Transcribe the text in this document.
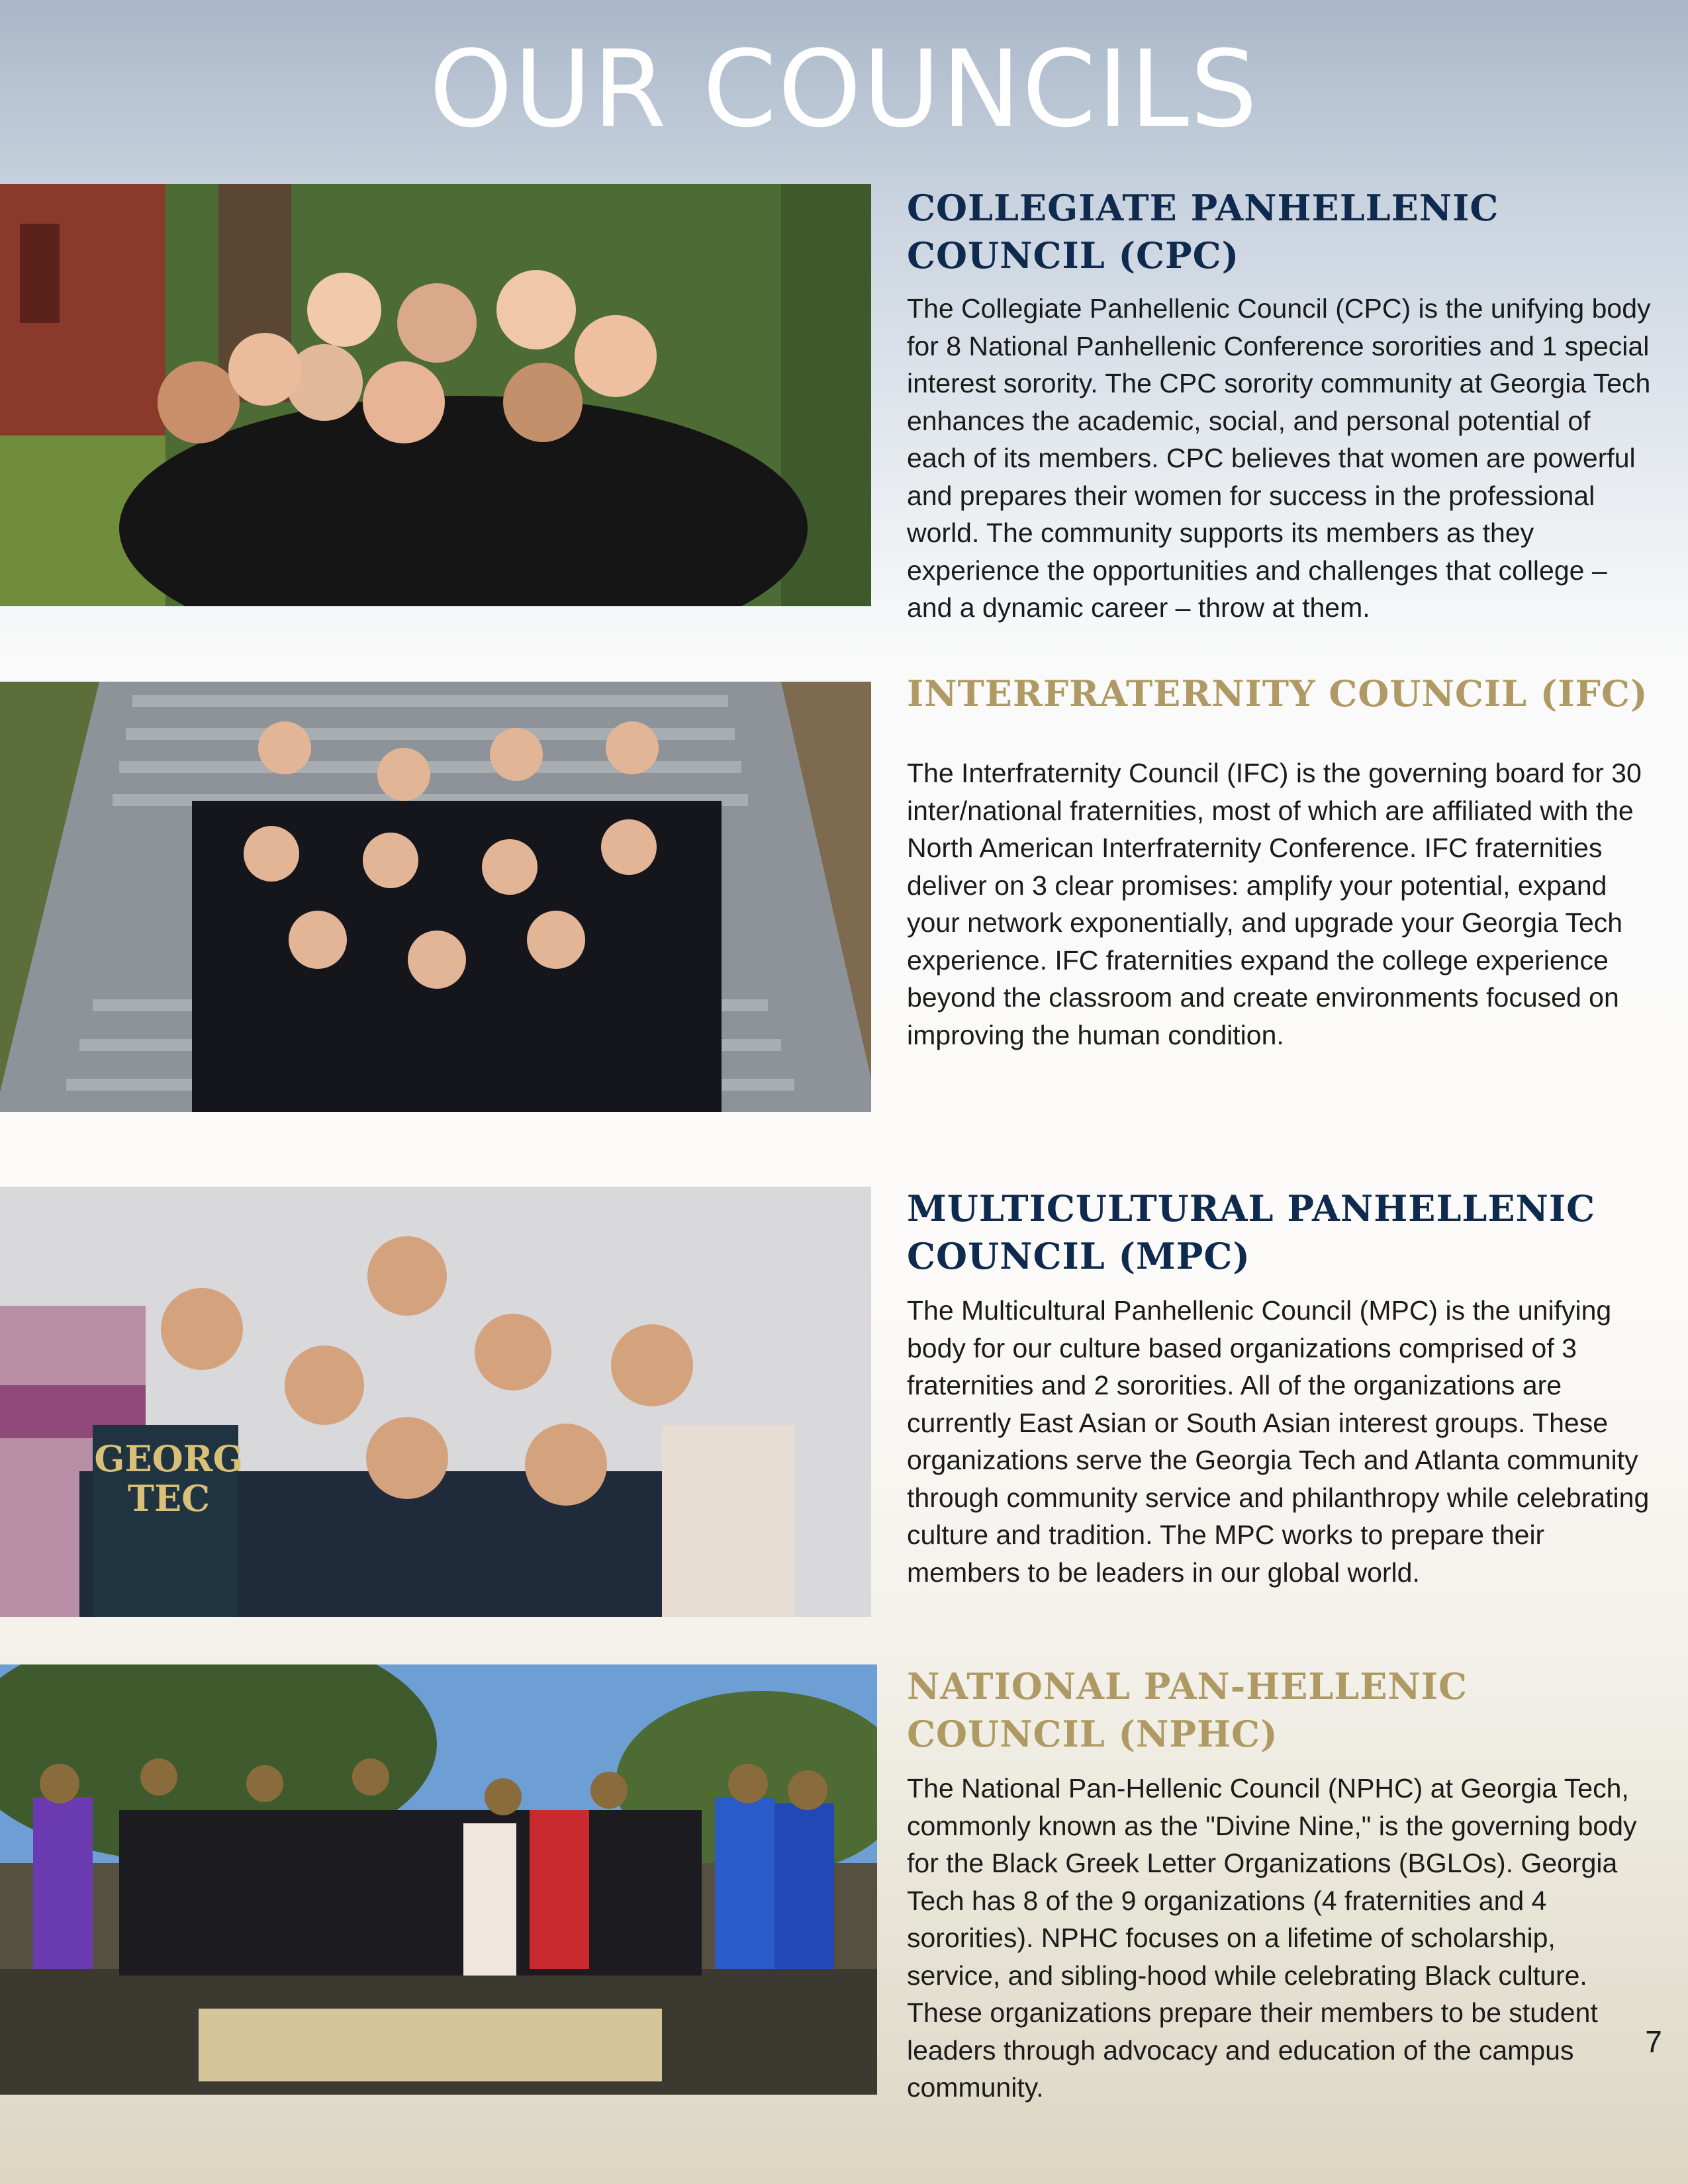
OUR COUNCILS
COLLEGIATE PANHELLENIC COUNCIL (CPC)

The Collegiate Panhellenic Council (CPC) is the unifying body for 8 National Panhellenic Conference sororities and 1 special interest sorority. The CPC sorority community at Georgia Tech enhances the academic, social, and personal potential of each of its members. CPC believes that women are powerful and prepares their women for success in the professional world. The community supports its members as they experience the opportunities and challenges that college – and a dynamic career – throw at them.

INTERFRATERNITY COUNCIL (IFC)

The Interfraternity Council (IFC) is the governing board for 30 inter/national fraternities, most of which are affiliated with the North American Interfraternity Conference. IFC fraternities deliver on 3 clear promises: amplify your potential, expand your network exponentially, and upgrade your Georgia Tech experience. IFC fraternities expand the college experience beyond the classroom and create environments focused on improving the human condition.

GEORG
TEC
MULTICULTURAL PANHELLENIC COUNCIL (MPC)

The Multicultural Panhellenic Council (MPC) is the unifying body for our culture based organizations comprised of 3 fraternities and 2 sororities. All of the organizations are currently East Asian or South Asian interest groups. These organizations serve the Georgia Tech and Atlanta community through community service and philanthropy while celebrating culture and tradition. The MPC works to prepare their members to be leaders in our global world.

NATIONAL PAN-HELLENIC COUNCIL (NPHC)

The National Pan-Hellenic Council (NPHC) at Georgia Tech, commonly known as the "Divine Nine," is the governing body for the Black Greek Letter Organizations (BGLOs). Georgia Tech has 8 of the 9 organizations (4 fraternities and 4 sororities). NPHC focuses on a lifetime of scholarship, service, and sibling-hood while celebrating Black culture. These organizations prepare their members to be student leaders through advocacy and education of the campus community.

7
